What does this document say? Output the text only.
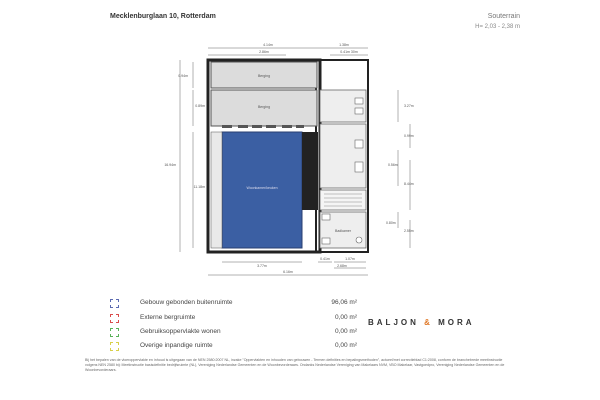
Mecklenburglaan 10, Rotterdam	Souterrain
H= 2,03 - 2,38 m
Berging
Berging
Woonkamer/keuken
Badkamer
4.14m
2.86m
1.38m
0.41m 30m
16.94m
0.94m
0.89m
11.18m
3.27m
0.99m
0.56m
8.44m
0.80m
2.55m
3.77m
0.41m	1.07m
2.68m
6.16m
Gebouw gebonden buitenruimte	96,06 m²
Externe bergruimte	0,00 m²
Gebruiksoppervlakte wonen	0,00 m²
Overige inpandige ruimte	0,00 m²
BALJON & MORA
Bij het bepalen van de vloeroppervlakte en inhoud is uitgegaan van de NEN 2580:2007 NL, inzake "Oppervlakten en inhouden van gebouwen - Termen definities en bepalingsmethoden", actueel/met correctieblad C1:2008, conform de branchebrede meetinstructie volgens NEN 2580 bij: Meetinstructie basisdefinitie bedrijfsruimte (NL), Vereniging Nederlandse Gemeenten en de Woonbevorderaars. Ondanks Nederlandse Vereniging van Makelaars NVM, VBO Makelaar, Vastgoedpro, Vereniging Nederlandse Gemeenten en de Woonbevorderaars.
